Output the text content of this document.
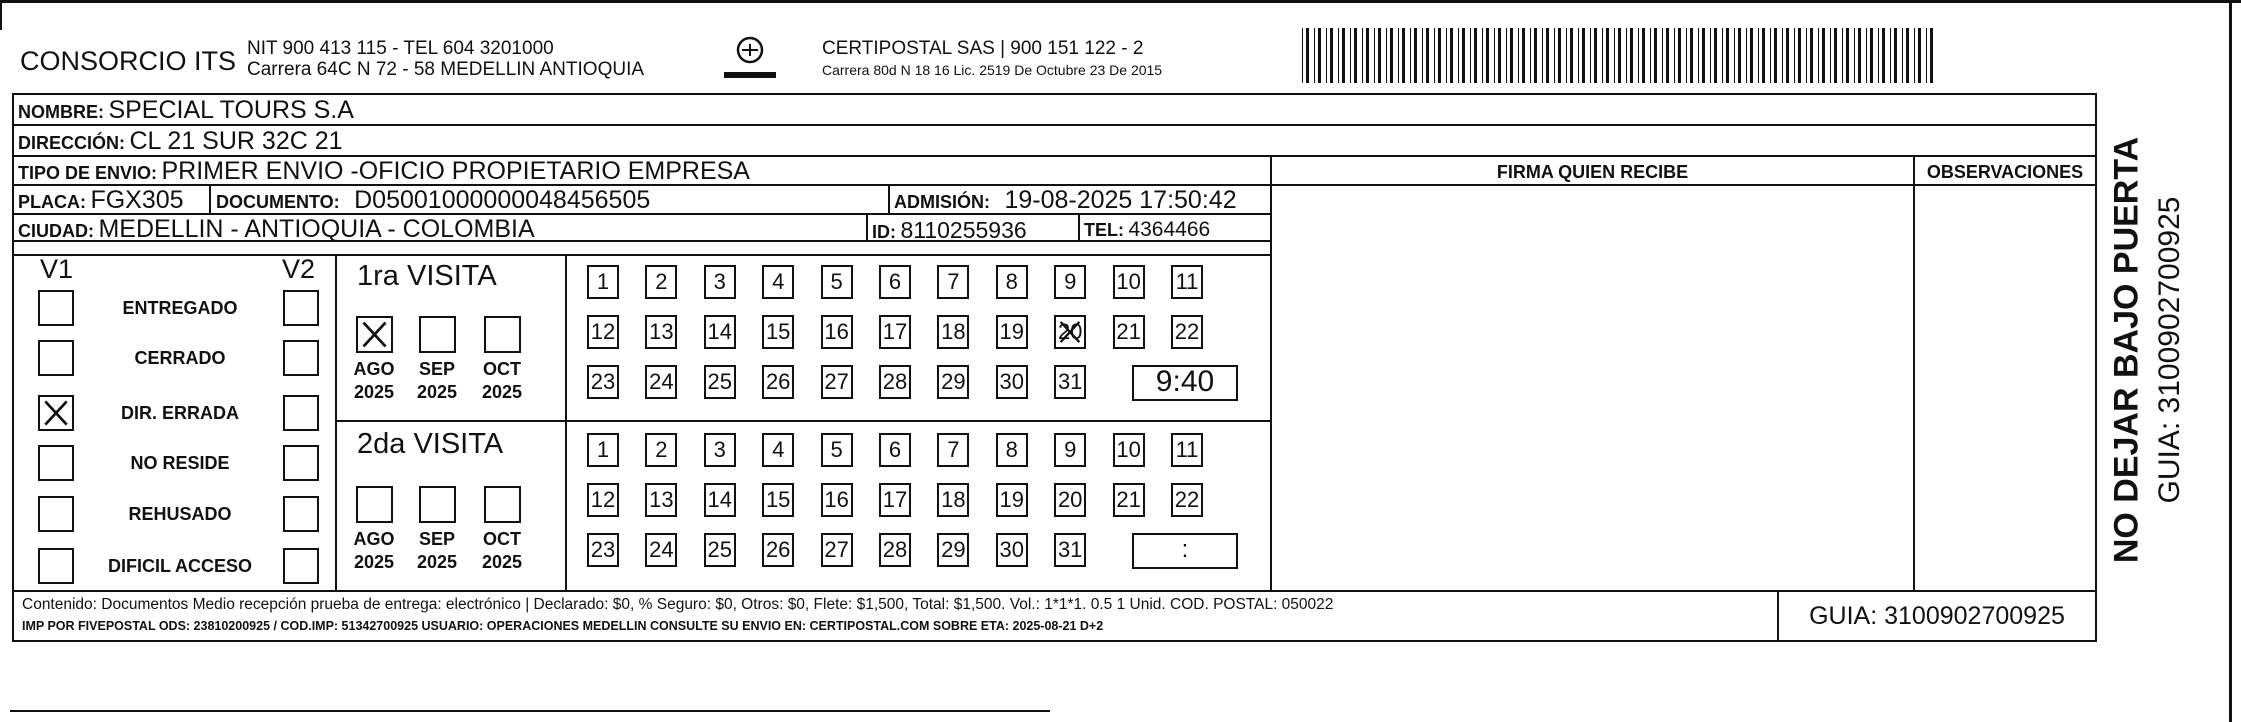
CONSORCIO ITS NIT 900 413 115 - TEL 604 3201000
Carrera 64C N 72 - 58 MEDELLIN ANTIOQUIA
CERTIPOSTAL SAS | 900 151 122 - 2
Carrera 80d N 18 16 Lic. 2519 De Octubre 23 De 2015
NOMBRE: SPECIAL TOURS S.A
DIRECCIÓN: CL 21 SUR 32C 21
TIPO DE ENVIO: PRIMER ENVIO -OFICIO PROPIETARIO EMPRESA	FIRMA QUIEN RECIBE	OBSERVACIONES
PLACA: FGX305 DOCUMENTO: D05001000000048456505	ADMISIÓN: 19-08-2025 17:50:42
CIUDAD: MEDELLIN - ANTIOQUIA - COLOMBIA	ID: 8110255936	TEL: 4364466
V1	V2
ENTREGADO
CERRADO
DIR. ERRADA
NO RESIDE
REHUSADO
DIFICIL ACCESO
1ra VISITA
2da VISITA
AGO
2025
SEP
2025
OCT
2025
AGO
2025
SEP
2025
OCT
2025
1	2	3	4	5	6	7	8	9	10 11
12 13 14 15 16 17 18 19 20 21 22
23 24 25 26 27 28 29 30 31	9:40
1	2	3	4	5	6	7	8	9	10 11
12 13 14 15 16 17 18 19 20 21 22
23 24 25 26 27 28 29 30 31	:
Contenido: Documentos Medio recepción prueba de entrega: electrónico | Declarado: $0, % Seguro: $0, Otros: $0, Flete: $1,500, Total: $1,500. Vol.: 1*1*1. 0.5 1 Unid. COD. POSTAL: 050022
IMP POR FIVEPOSTAL ODS: 23810200925 / COD.IMP: 51342700925 USUARIO: OPERACIONES MEDELLIN CONSULTE SU ENVIO EN: CERTIPOSTAL.COM SOBRE ETA: 2025-08-21 D+2	GUIA: 3100902700925
NO DEJAR BAJO PUERTA GUIA: 3100902700925
